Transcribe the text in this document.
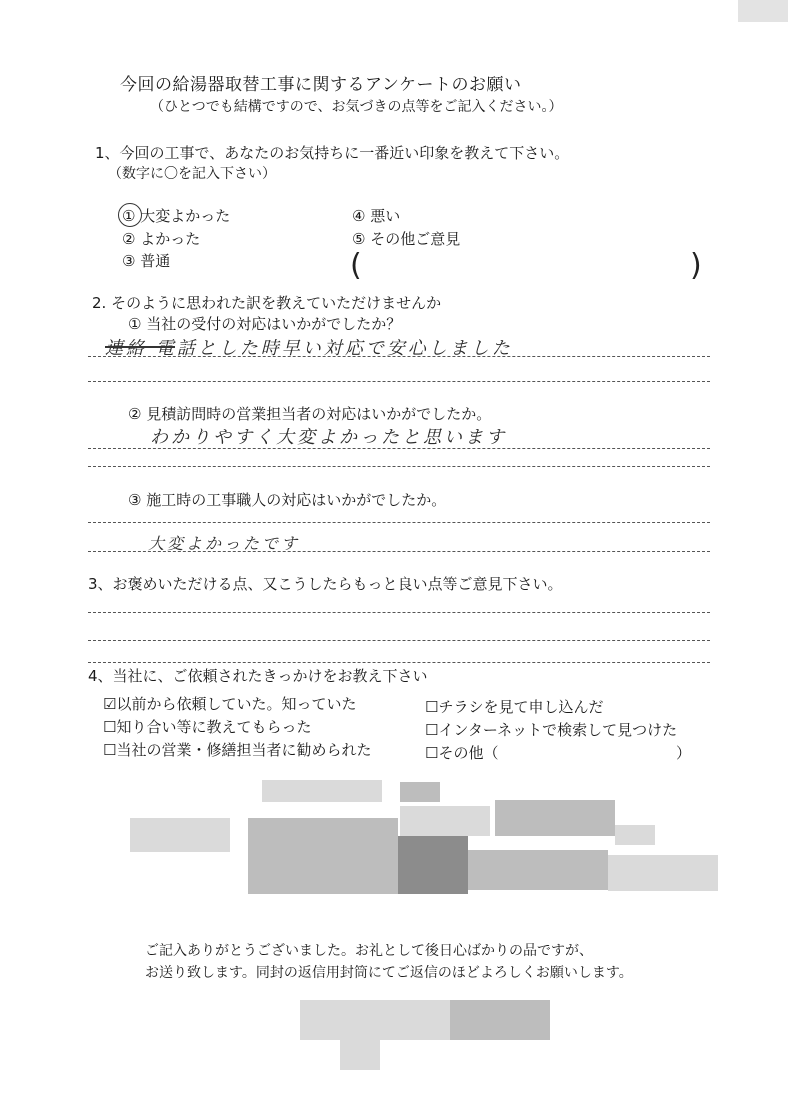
今回の給湯器取替工事に関するアンケートのお願い
（ひとつでも結構ですので、お気づきの点等をご記入ください。）
1、今回の工事で、あなたのお気持ちに一番近い印象を教えて下さい。
（数字に〇を記入下さい）
① 大変よかった
② よかった
③ 普通
④ 悪い
⑤ その他ご意見
(	)
2. そのように思われた訳を教えていただけませんか
① 当社の受付の対応はいかがでしたか？
連絡 電話とした時早い対応で安心しました
② 見積訪問時の営業担当者の対応はいかがでしたか。
わかりやすく大変よかったと思います
③ 施工時の工事職人の対応はいかがでしたか。
大変よかったです
3、お褒めいただける点、又こうしたらもっと良い点等ご意見下さい。
4、当社に、ご依頼されたきっかけをお教え下さい
☑以前から依頼していた。知っていた
☐知り合い等に教えてもらった
☐当社の営業・修繕担当者に勧められた
☐チラシを見て申し込んだ
☐インターネットで検索して見つけた
☐その他（	）
ご記入ありがとうございました。お礼として後日心ばかりの品ですが、
お送り致します。同封の返信用封筒にてご返信のほどよろしくお願いします。
